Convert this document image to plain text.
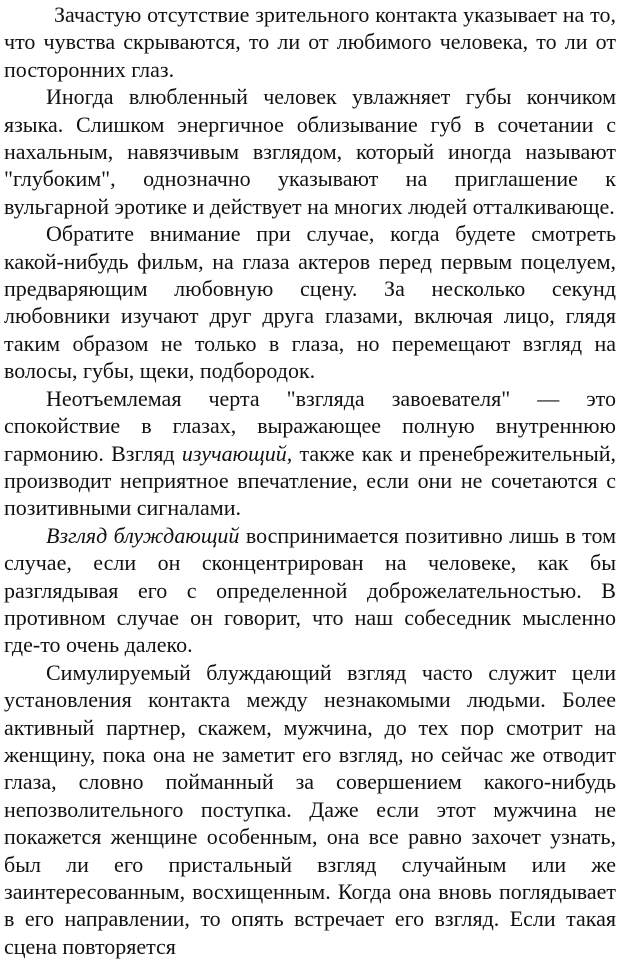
Зачастую отсутствие зрительного контакта указывает на то, что чувства скрываются, то ли от любимого человека, то ли от посторонних глаз.

Иногда влюбленный человек увлажняет губы кончиком языка. Слишком энергичное облизывание губ в сочетании с нахальным, навязчивым взглядом, который иногда называют "глубоким", однозначно указывают на приглашение к вульгарной эротике и действует на многих людей отталкивающе.

Обратите внимание при случае, когда будете смотреть какой-нибудь фильм, на глаза актеров перед первым поцелуем, предваряющим любовную сцену. За несколько секунд любовники изучают друг друга глазами, включая лицо, глядя таким образом не только в глаза, но перемещают взгляд на волосы, губы, щеки, подбородок.

Неотъемлемая черта "взгляда завоевателя" — это спокойствие в глазах, выражающее полную внутреннюю гармонию. Взгляд изучающий, также как и пренебрежительный, производит неприятное впечатление, если они не сочетаются с позитивными сигналами.

Взгляд блуждающий воспринимается позитивно лишь в том случае, если он сконцентрирован на человеке, как бы разглядывая его с определенной доброжелательностью. В противном случае он говорит, что наш собеседник мысленно где-то очень далеко.

Симулируемый блуждающий взгляд часто служит цели установления контакта между незнакомыми людьми. Более активный партнер, скажем, мужчина, до тех пор смотрит на женщину, пока она не заметит его взгляд, но сейчас же отводит глаза, словно пойманный за совершением какого-нибудь непозволительного поступка. Даже если этот мужчина не покажется женщине особенным, она все равно захочет узнать, был ли его пристальный взгляд случайным или же заинтересованным, восхищенным. Когда она вновь поглядывает в его направлении, то опять встречает его взгляд. Если такая сцена повторяется
